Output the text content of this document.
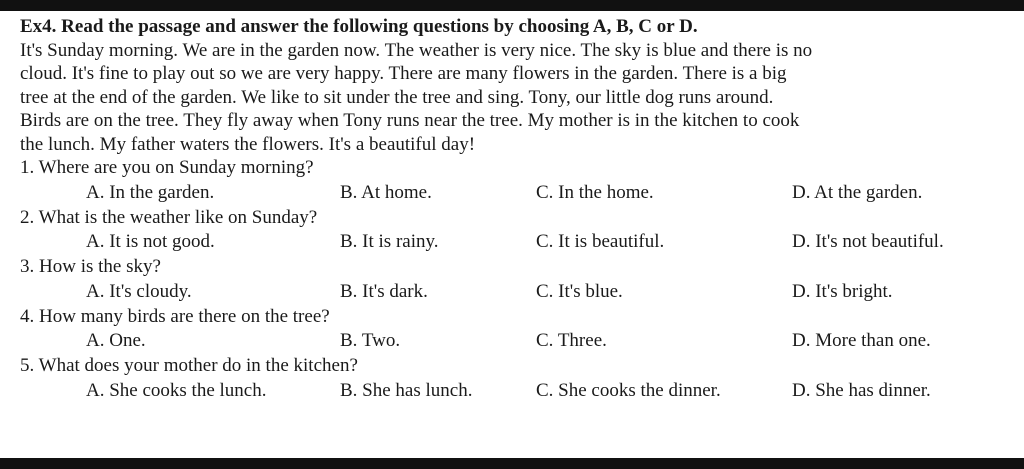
Ex4. Read the passage and answer the following questions by choosing A, B, C or D.

It's Sunday morning. We are in the garden now. The weather is very nice. The sky is blue and there is no

cloud. It's fine to play out so we are very happy. There are many flowers in the garden. There is a big

tree at the end of the garden. We like to sit under the tree and sing. Tony, our little dog runs around.

Birds are on the tree. They fly away when Tony runs near the tree. My mother is in the kitchen to cook

the lunch. My father waters the flowers. It's a beautiful day!

1. Where are you on Sunday morning?
A. In the garden.	B. At home.	C. In the home.	D. At the garden.
2. What is the weather like on Sunday?
A. It is not good.	B. It is rainy.	C. It is beautiful.	D. It's not beautiful.
3. How is the sky?
A. It's cloudy.	B. It's dark.	C. It's blue.	D. It's bright.
4. How many birds are there on the tree?
A. One.	B. Two.	C. Three.	D. More than one.
5. What does your mother do in the kitchen?
A. She cooks the lunch.	B. She has lunch.	C. She cooks the dinner.	D. She has dinner.
